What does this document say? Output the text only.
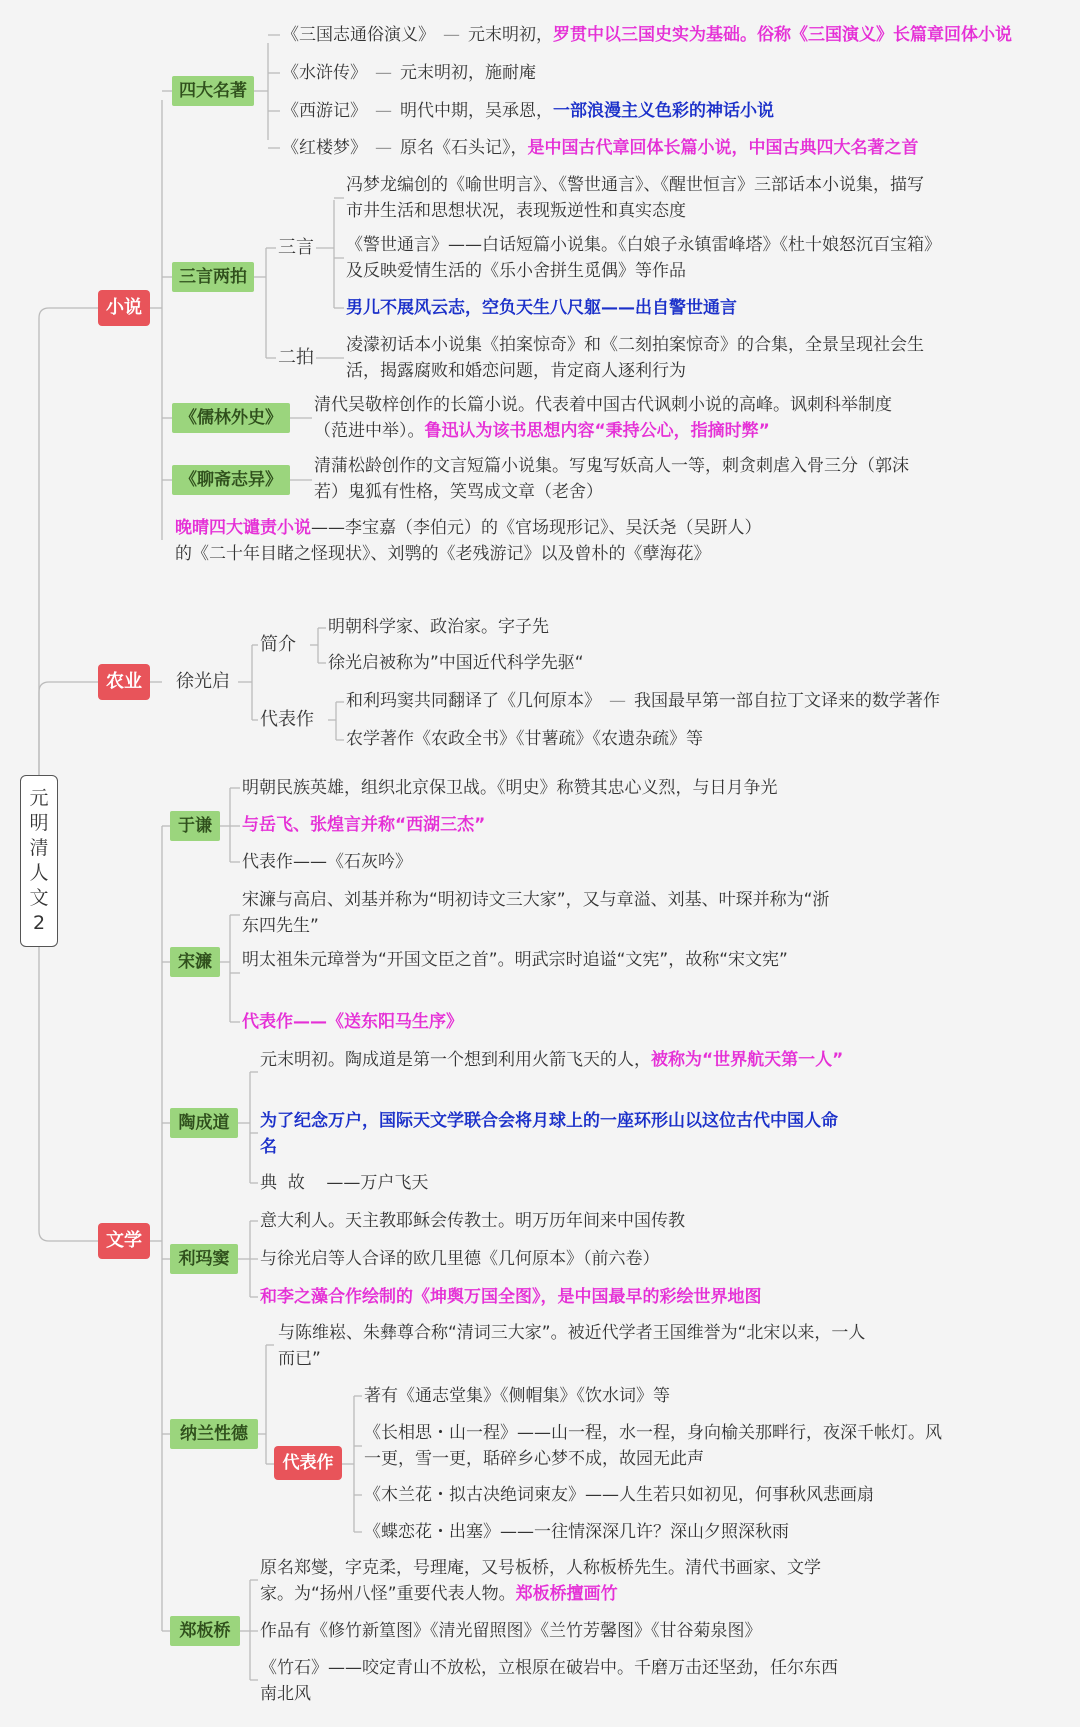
元
明
清
人
文
2
小说
四大名著

《三国志通俗演义》 — 元末明初，罗贯中以三国史实为基础。俗称《三国演义》长篇章回体小说

《水浒传》 — 元末明初，施耐庵

《西游记》 — 明代中期，吴承恩，一部浪漫主义色彩的神话小说

《红楼梦》 — 原名《石头记》，是中国古代章回体长篇小说，中国古典四大名著之首

三言两拍
三言

冯梦龙编创的《喻世明言》、《警世通言》、《醒世恒言》三部话本小说集，描写市井生活和思想状况，表现叛逆性和真实态度

《警世通言》——白话短篇小说集。《白娘子永镇雷峰塔》《杜十娘怒沉百宝箱》及反映爱情生活的《乐小舍拼生觅偶》等作品

男儿不展风云志，空负天生八尺躯——出自警世通言

二拍

凌濛初话本小说集《拍案惊奇》和《二刻拍案惊奇》的合集，全景呈现社会生活，揭露腐败和婚恋问题，肯定商人逐利行为

《儒林外史》

清代吴敬梓创作的长篇小说。代表着中国古代讽刺小说的高峰。讽刺科举制度（范进中举）。鲁迅认为该书思想内容“秉持公心，指摘时弊”

《聊斋志异》

清蒲松龄创作的文言短篇小说集。写鬼写妖高人一等，刺贪刺虐入骨三分（郭沫若）鬼狐有性格，笑骂成文章（老舍）

晚晴四大谴责小说——李宝嘉（李伯元）的《官场现形记》、吴沃尧（吴趼人）的《二十年目睹之怪现状》、刘鹗的《老残游记》以及曾朴的《孽海花》

农业	徐光启
简介

明朝科学家、政治家。字子先

徐光启被称为”中国近代科学先驱“

代表作

和利玛窦共同翻译了《几何原本》 — 我国最早第一部自拉丁文译来的数学著作

农学著作《农政全书》《甘薯疏》《农遗杂疏》等

文学
于谦

明朝民族英雄，组织北京保卫战。《明史》称赞其忠心义烈，与日月争光

与岳飞、张煌言并称“西湖三杰”

代表作——《石灰吟》

宋濂

宋濂与高启、刘基并称为“明初诗文三大家”，又与章溢、刘基、叶琛并称为“浙东四先生”

明太祖朱元璋誉为“开国文臣之首”。明武宗时追谥“文宪”，故称“宋文宪”

代表作——《送东阳马生序》

陶成道

元末明初。陶成道是第一个想到利用火箭飞天的人，被称为“世界航天第一人”

为了纪念万户，国际天文学联合会将月球上的一座环形山以这位古代中国人命名

典  故    ——万户飞天

利玛窦

意大利人。天主教耶稣会传教士。明万历年间来中国传教

与徐光启等人合译的欧几里德《几何原本》（前六卷）

和李之藻合作绘制的《坤舆万国全图》，是中国最早的彩绘世界地图

纳兰性德

与陈维崧、朱彝尊合称“清词三大家”。被近代学者王国维誉为“北宋以来，一人而已”

代表作

著有《通志堂集》《侧帽集》《饮水词》等

《长相思・山一程》——山一程，水一程，身向榆关那畔行，夜深千帐灯。风一更，雪一更，聒碎乡心梦不成，故园无此声

《木兰花・拟古决绝词柬友》——人生若只如初见，何事秋风悲画扇

《蝶恋花・出塞》——一往情深深几许？深山夕照深秋雨

郑板桥

原名郑燮，字克柔，号理庵，又号板桥，人称板桥先生。清代书画家、文学家。为“扬州八怪”重要代表人物。郑板桥擅画竹

作品有《修竹新篁图》《清光留照图》《兰竹芳馨图》《甘谷菊泉图》

《竹石》——咬定青山不放松，立根原在破岩中。千磨万击还坚劲，任尔东西南北风
